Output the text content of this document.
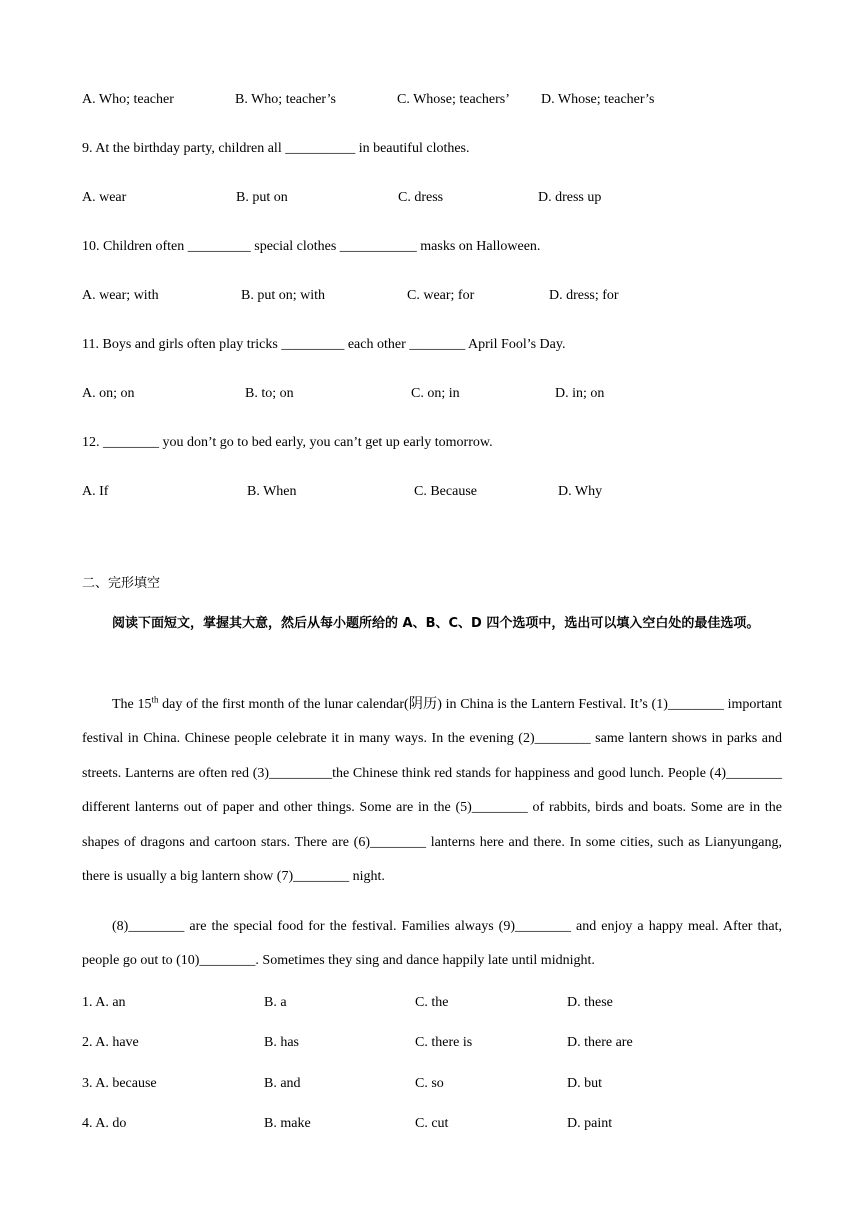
A. Who; teacher	B. Who; teacher’s	C. Whose; teachers’ D. Whose; teacher’s
9. At the birthday party, children all __________ in beautiful clothes.
A. wear	B. put on	C. dress	D. dress up
10. Children often _________ special clothes ___________ masks on Halloween.
A. wear; with	B. put on; with	C. wear; for	D. dress; for
11. Boys and girls often play tricks _________ each other ________ April Fool’s Day.
A. on; on	B. to; on	C. on; in	D. in; on
12. ________ you don’t go to bed early, you can’t get up early tomorrow.
A. If	B. When	C. Because	D. Why
二、完形填空
阅读下面短文，掌握其大意，然后从每小题所给的 A、B、C、D 四个选项中，选出可以填入空白处的最佳选项。
The 15th day of the first month of the lunar calendar(阴历) in China is the Lantern Festival. It’s (1)________ important festival in China. Chinese people celebrate it in many ways. In the evening (2)________ same lantern shows in parks and streets. Lanterns are often red (3)_________the Chinese think red stands for happiness and good lunch. People (4)________ different lanterns out of paper and other things. Some are in the (5)________ of rabbits, birds and boats. Some are in the shapes of dragons and cartoon stars. There are (6)________ lanterns here and there. In some cities, such as Lianyungang, there is usually a big lantern show (7)________ night.
(8)________ are the special food for the festival. Families always (9)________ and enjoy a happy meal. After that, people go out to (10)________. Sometimes they sing and dance happily late until midnight.
1. A. an	B. a	C. the	D. these
2. A. have	B. has	C. there is	D. there are
3. A. because	B. and	C. so	D. but
4. A. do	B. make	C. cut	D. paint
